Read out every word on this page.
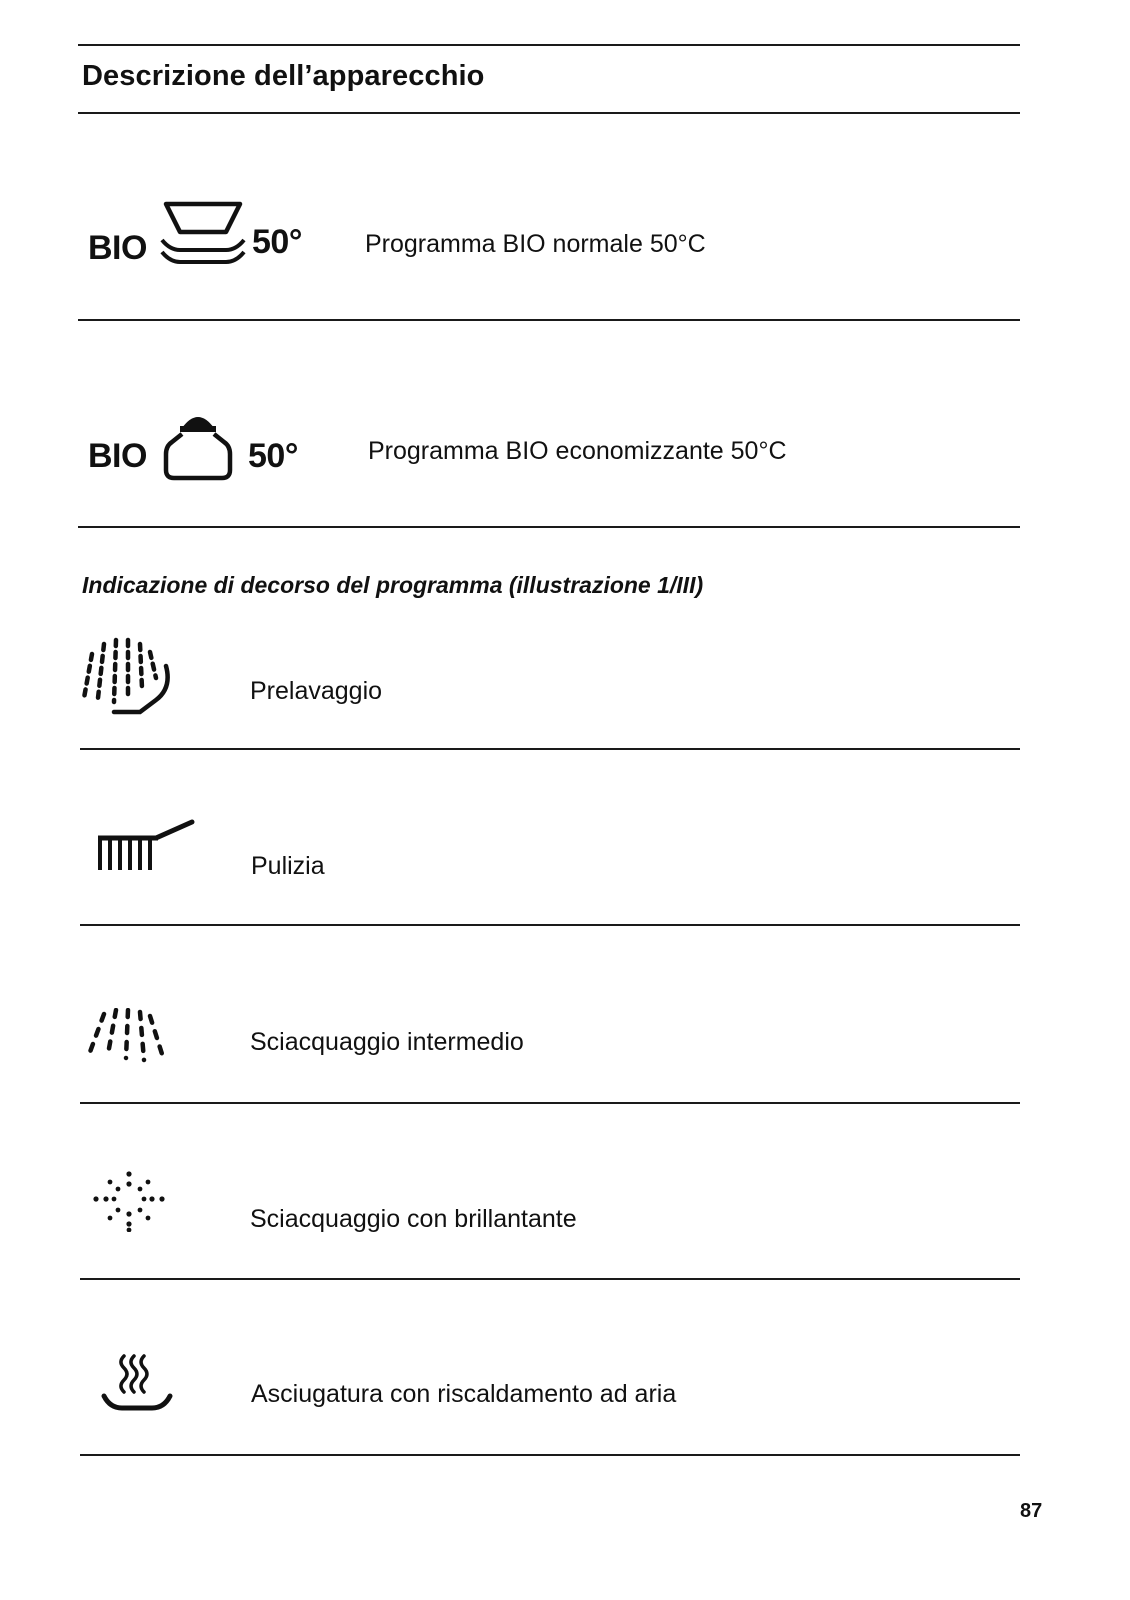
Descrizione dell’apparecchio
BIO	50°	Programma BIO normale 50°C
BIO	50°	Programma BIO economizzante 50°C
Indicazione di decorso del programma (illustrazione 1/III)
Prelavaggio
Pulizia
Sciacquaggio intermedio
Sciacquaggio con brillantante
Asciugatura con riscaldamento ad aria
87
